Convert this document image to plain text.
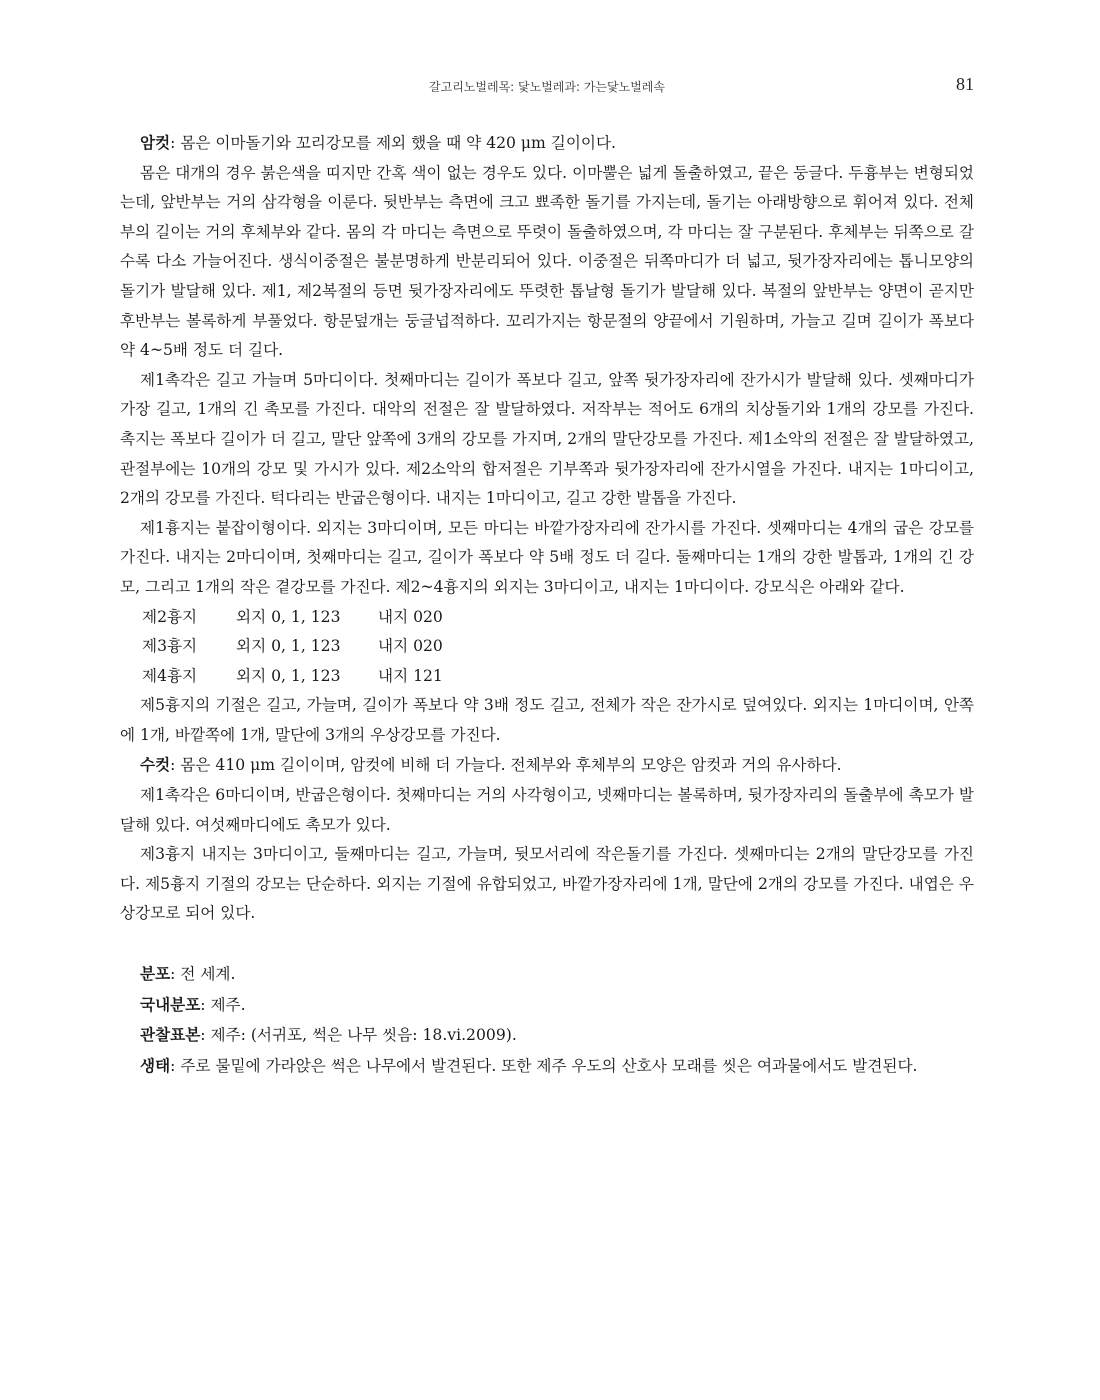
갈고리노벌레목: 닻노벌레과: 가는닻노벌레속	81

암컷: 몸은 이마돌기와 꼬리강모를 제외 했을 때 약 420 μm 길이이다.

몸은 대개의 경우 붉은색을 띠지만 간혹 색이 없는 경우도 있다. 이마뿔은 넓게 돌출하였고, 끝은 둥글다. 두흉부는 변형되었는데, 앞반부는 거의 삼각형을 이룬다. 뒷반부는 측면에 크고 뾰족한 돌기를 가지는데, 돌기는 아래방향으로 휘어져 있다. 전체부의 길이는 거의 후체부와 같다. 몸의 각 마디는 측면으로 뚜렷이 돌출하였으며, 각 마디는 잘 구분된다. 후체부는 뒤쪽으로 갈수록 다소 가늘어진다. 생식이중절은 불분명하게 반분리되어 있다. 이중절은 뒤쪽마디가 더 넓고, 뒷가장자리에는 톱니모양의 돌기가 발달해 있다. 제1, 제2복절의 등면 뒷가장자리에도 뚜렷한 톱날형 돌기가 발달해 있다. 복절의 앞반부는 양면이 곧지만 후반부는 볼록하게 부풀었다. 항문덮개는 둥글넙적하다. 꼬리가지는 항문절의 양끝에서 기원하며, 가늘고 길며 길이가 폭보다 약 4~5배 정도 더 길다.

제1촉각은 길고 가늘며 5마디이다. 첫째마디는 길이가 폭보다 길고, 앞쪽 뒷가장자리에 잔가시가 발달해 있다. 셋째마디가 가장 길고, 1개의 긴 촉모를 가진다. 대악의 전절은 잘 발달하였다. 저작부는 적어도 6개의 치상돌기와 1개의 강모를 가진다. 촉지는 폭보다 길이가 더 길고, 말단 앞쪽에 3개의 강모를 가지며, 2개의 말단강모를 가진다. 제1소악의 전절은 잘 발달하였고, 관절부에는 10개의 강모 및 가시가 있다. 제2소악의 합저절은 기부쪽과 뒷가장자리에 잔가시열을 가진다. 내지는 1마디이고, 2개의 강모를 가진다. 턱다리는 반굽은형이다. 내지는 1마디이고, 길고 강한 발톱을 가진다.

제1흉지는 붙잡이형이다. 외지는 3마디이며, 모든 마디는 바깥가장자리에 잔가시를 가진다. 셋째마디는 4개의 굽은 강모를 가진다. 내지는 2마디이며, 첫째마디는 길고, 길이가 폭보다 약 5배 정도 더 길다. 둘째마디는 1개의 강한 발톱과, 1개의 긴 강모, 그리고 1개의 작은 곁강모를 가진다. 제2~4흉지의 외지는 3마디이고, 내지는 1마디이다. 강모식은 아래와 같다.

제2흉지 외지 0, 1, 123 내지 020
제3흉지 외지 0, 1, 123 내지 020
제4흉지 외지 0, 1, 123 내지 121

제5흉지의 기절은 길고, 가늘며, 길이가 폭보다 약 3배 정도 길고, 전체가 작은 잔가시로 덮여있다. 외지는 1마디이며, 안쪽에 1개, 바깥쪽에 1개, 말단에 3개의 우상강모를 가진다.

수컷: 몸은 410 μm 길이이며, 암컷에 비해 더 가늘다. 전체부와 후체부의 모양은 암컷과 거의 유사하다.

제1촉각은 6마디이며, 반굽은형이다. 첫째마디는 거의 사각형이고, 넷째마디는 볼록하며, 뒷가장자리의 돌출부에 촉모가 발달해 있다. 여섯째마디에도 촉모가 있다.

제3흉지 내지는 3마디이고, 둘째마디는 길고, 가늘며, 뒷모서리에 작은돌기를 가진다. 셋째마디는 2개의 말단강모를 가진다. 제5흉지 기절의 강모는 단순하다. 외지는 기절에 유합되었고, 바깥가장자리에 1개, 말단에 2개의 강모를 가진다. 내엽은 우상강모로 되어 있다.

분포: 전 세계.

국내분포: 제주.

관찰표본: 제주: (서귀포, 썩은 나무 씻음: 18.vi.2009).

생태: 주로 물밑에 가라앉은 썩은 나무에서 발견된다. 또한 제주 우도의 산호사 모래를 씻은 여과물에서도 발견된다.
